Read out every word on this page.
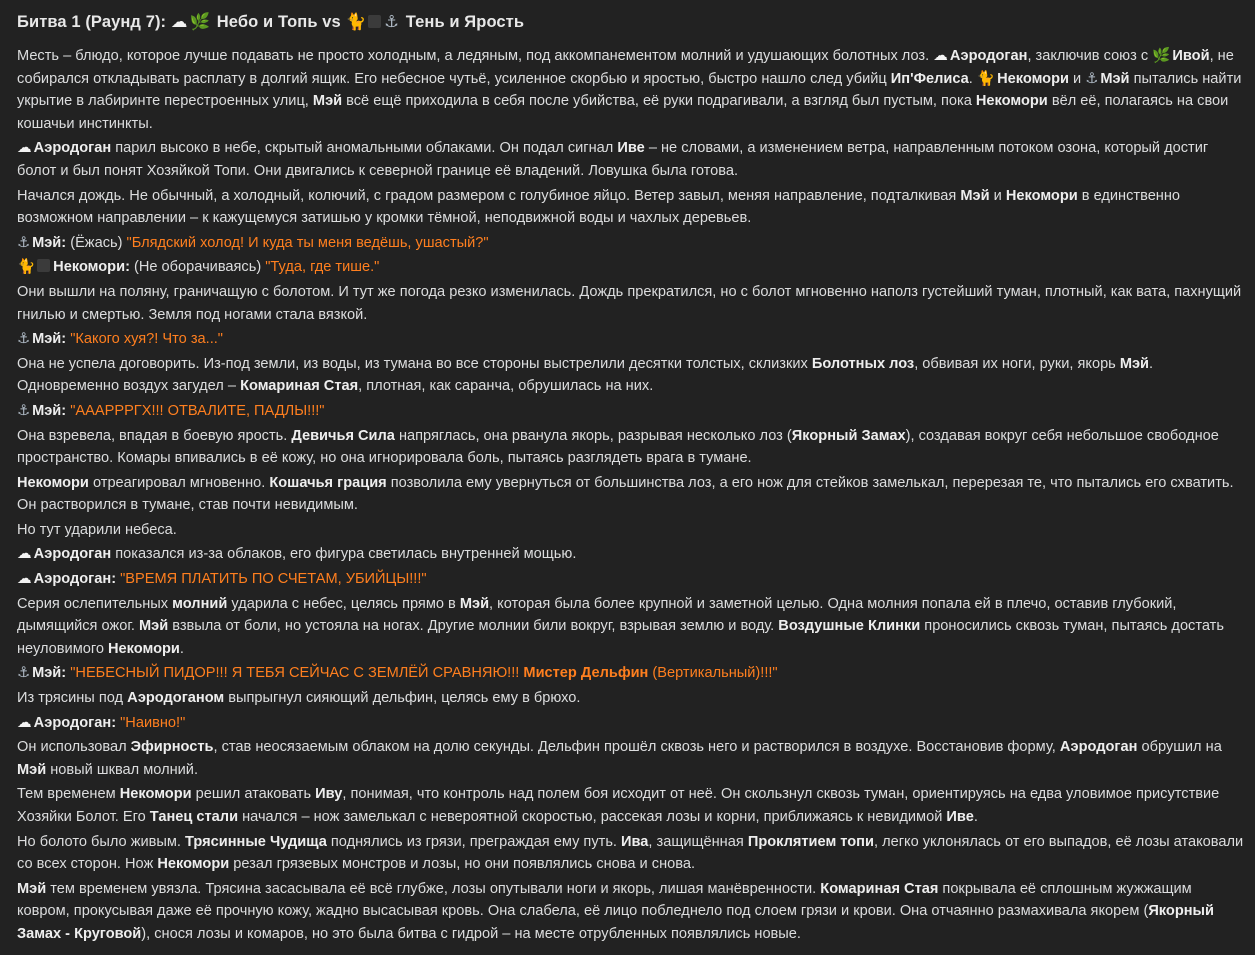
Битва 1 (Раунд 7): ☁ 🌿 Небо и Топь vs 🐈 ⚓ Тень и Ярость

Месть – блюдо, которое лучше подавать не просто холодным, а ледяным, под аккомпанементом молний и удушающих болотных лоз. ☁ Аэродоган, заключив союз с 🌿 Ивой, не собирался откладывать расплату в долгий ящик. Его небесное чутьё, усиленное скорбью и яростью, быстро нашло след убийц Ип'Фелиса. 🐈 Некомори и ⚓ Мэй пытались найти укрытие в лабиринте перестроенных улиц, Мэй всё ещё приходила в себя после убийства, её руки подрагивали, а взгляд был пустым, пока Некомори вёл её, полагаясь на свои кошачьи инстинкты.

☁ Аэродоган парил высоко в небе, скрытый аномальными облаками. Он подал сигнал Иве – не словами, а изменением ветра, направленным потоком озона, который достиг болот и был понят Хозяйкой Топи. Они двигались к северной границе её владений. Ловушка была готова.

Начался дождь. Не обычный, а холодный, колючий, с градом размером с голубиное яйцо. Ветер завыл, меняя направление, подталкивая Мэй и Некомори в единственно возможном направлении – к кажущемуся затишью у кромки тёмной, неподвижной воды и чахлых деревьев.

⚓ Мэй: (Ёжась) "Блядский холод! И куда ты меня ведёшь, ушастый?"

🐈 Некомори: (Не оборачиваясь) "Туда, где тише."

Они вышли на поляну, граничащую с болотом. И тут же погода резко изменилась. Дождь прекратился, но с болот мгновенно наполз густейший туман, плотный, как вата, пахнущий гнилью и смертью. Земля под ногами стала вязкой.

⚓ Мэй: "Какого хуя?! Что за..."

Она не успела договорить. Из-под земли, из воды, из тумана во все стороны выстрелили десятки толстых, склизких Болотных лоз, обвивая их ноги, руки, якорь Мэй. Одновременно воздух загудел – Комариная Стая, плотная, как саранча, обрушилась на них.

⚓ Мэй: "АААРРРГХ!!! ОТВАЛИТЕ, ПАДЛЫ!!!"

Она взревела, впадая в боевую ярость. Девичья Сила напряглась, она рванула якорь, разрывая несколько лоз (Якорный Замах), создавая вокруг себя небольшое свободное пространство. Комары впивались в её кожу, но она игнорировала боль, пытаясь разглядеть врага в тумане.

Некомори отреагировал мгновенно. Кошачья грация позволила ему увернуться от большинства лоз, а его нож для стейков замелькал, перерезая те, что пытались его схватить. Он растворился в тумане, став почти невидимым.

Но тут ударили небеса.

☁ Аэродоган показался из-за облаков, его фигура светилась внутренней мощью.

☁ Аэродоган: "ВРЕМЯ ПЛАТИТЬ ПО СЧЕТАМ, УБИЙЦЫ!!!"

Серия ослепительных молний ударила с небес, целясь прямо в Мэй, которая была более крупной и заметной целью. Одна молния попала ей в плечо, оставив глубокий, дымящийся ожог. Мэй взвыла от боли, но устояла на ногах. Другие молнии били вокруг, взрывая землю и воду. Воздушные Клинки проносились сквозь туман, пытаясь достать неуловимого Некомори.

⚓ Мэй: "НЕБЕСНЫЙ ПИДОР!!! Я ТЕБЯ СЕЙЧАС С ЗЕМЛЁЙ СРАВНЯЮ!!! Мистер Дельфин (Вертикальный)!!!"

Из трясины под Аэродоганом выпрыгнул сияющий дельфин, целясь ему в брюхо.

☁ Аэродоган: "Наивно!"

Он использовал Эфирность, став неосязаемым облаком на долю секунды. Дельфин прошёл сквозь него и растворился в воздухе. Восстановив форму, Аэродоган обрушил на Мэй новый шквал молний.

Тем временем Некомори решил атаковать Иву, понимая, что контроль над полем боя исходит от неё. Он скользнул сквозь туман, ориентируясь на едва уловимое присутствие Хозяйки Болот. Его Танец стали начался – нож замелькал с невероятной скоростью, рассекая лозы и корни, приближаясь к невидимой Иве.

Но болото было живым. Трясинные Чудища поднялись из грязи, преграждая ему путь. Ива, защищённая Проклятием топи, легко уклонялась от его выпадов, её лозы атаковали со всех сторон. Нож Некомори резал грязевых монстров и лозы, но они появлялись снова и снова.

Мэй тем временем увязла. Трясина засасывала её всё глубже, лозы опутывали ноги и якорь, лишая манёвренности. Комариная Стая покрывала её сплошным жужжащим ковром, прокусывая даже её прочную кожу, жадно высасывая кровь. Она слабела, её лицо побледнело под слоем грязи и крови. Она отчаянно размахивала якорем (Якорный Замах - Круговой), снося лозы и комаров, но это была битва с гидрой – на месте отрубленных появлялись новые.
